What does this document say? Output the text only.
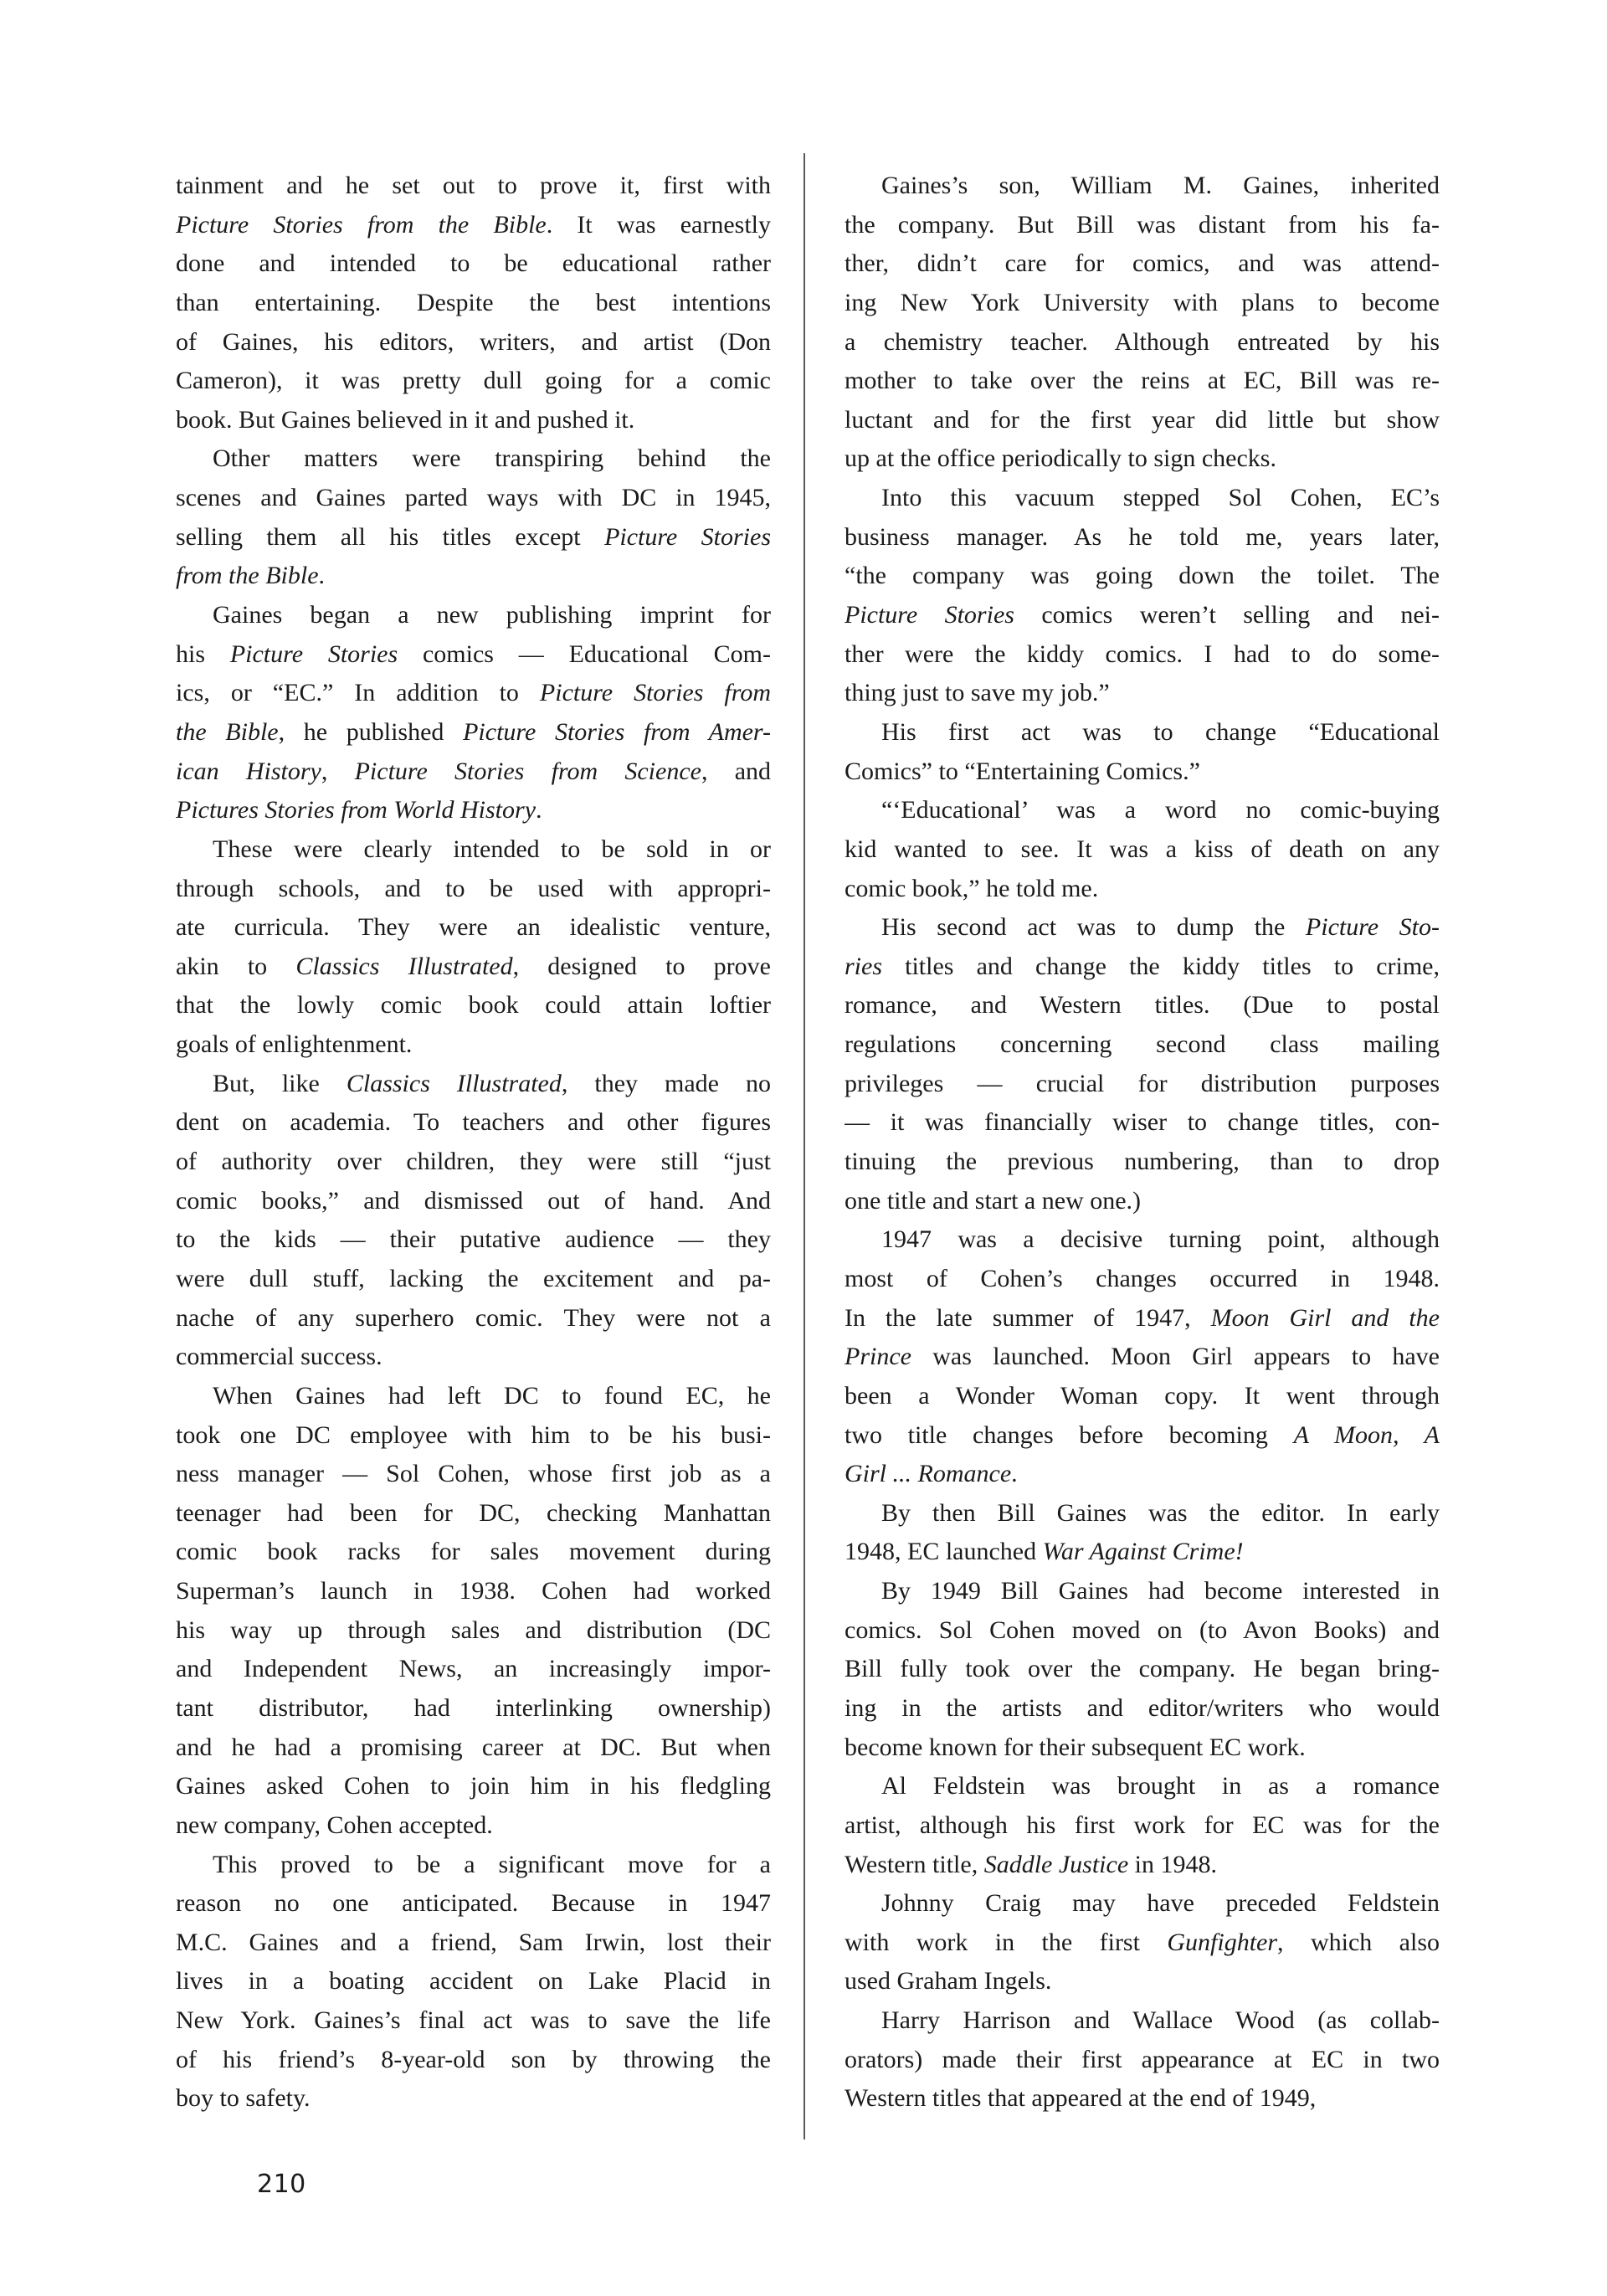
tainment and he set out to prove it, first with
Picture Stories from the Bible. It was earnestly
done and intended to be educational rather
than entertaining. Despite the best intentions
of Gaines, his editors, writers, and artist (Don
Cameron), it was pretty dull going for a comic
book. But Gaines believed in it and pushed it.
Other matters were transpiring behind the
scenes and Gaines parted ways with DC in 1945,
selling them all his titles except Picture Stories
from the Bible.
Gaines began a new publishing imprint for
his Picture Stories comics — Educational Com-
ics, or “EC.” In addition to Picture Stories from
the Bible, he published Picture Stories from Amer-
ican History, Picture Stories from Science, and
Pictures Stories from World History.
These were clearly intended to be sold in or
through schools, and to be used with appropri-
ate curricula. They were an idealistic venture,
akin to Classics Illustrated, designed to prove
that the lowly comic book could attain loftier
goals of enlightenment.
But, like Classics Illustrated, they made no
dent on academia. To teachers and other figures
of authority over children, they were still “just
comic books,” and dismissed out of hand. And
to the kids — their putative audience — they
were dull stuff, lacking the excitement and pa-
nache of any superhero comic. They were not a
commercial success.
When Gaines had left DC to found EC, he
took one DC employee with him to be his busi-
ness manager — Sol Cohen, whose first job as a
teenager had been for DC, checking Manhattan
comic book racks for sales movement during
Superman’s launch in 1938. Cohen had worked
his way up through sales and distribution (DC
and Independent News, an increasingly impor-
tant distributor, had interlinking ownership)
and he had a promising career at DC. But when
Gaines asked Cohen to join him in his fledgling
new company, Cohen accepted.
This proved to be a significant move for a
reason no one anticipated. Because in 1947
M.C. Gaines and a friend, Sam Irwin, lost their
lives in a boating accident on Lake Placid in
New York. Gaines’s final act was to save the life
of his friend’s 8-year-old son by throwing the
boy to safety.
Gaines’s son, William M. Gaines, inherited
the company. But Bill was distant from his fa-
ther, didn’t care for comics, and was attend-
ing New York University with plans to become
a chemistry teacher. Although entreated by his
mother to take over the reins at EC, Bill was re-
luctant and for the first year did little but show
up at the office periodically to sign checks.
Into this vacuum stepped Sol Cohen, EC’s
business manager. As he told me, years later,
“the company was going down the toilet. The
Picture Stories comics weren’t selling and nei-
ther were the kiddy comics. I had to do some-
thing just to save my job.”
His first act was to change “Educational
Comics” to “Entertaining Comics.”
“‘Educational’ was a word no comic-buying
kid wanted to see. It was a kiss of death on any
comic book,” he told me.
His second act was to dump the Picture Sto-
ries titles and change the kiddy titles to crime,
romance, and Western titles. (Due to postal
regulations concerning second class mailing
privileges — crucial for distribution purposes
— it was financially wiser to change titles, con-
tinuing the previous numbering, than to drop
one title and start a new one.)
1947 was a decisive turning point, although
most of Cohen’s changes occurred in 1948.
In the late summer of 1947, Moon Girl and the
Prince was launched. Moon Girl appears to have
been a Wonder Woman copy. It went through
two title changes before becoming A Moon, A
Girl ... Romance.
By then Bill Gaines was the editor. In early
1948, EC launched War Against Crime!
By 1949 Bill Gaines had become interested in
comics. Sol Cohen moved on (to Avon Books) and
Bill fully took over the company. He began bring-
ing in the artists and editor/writers who would
become known for their subsequent EC work.
Al Feldstein was brought in as a romance
artist, although his first work for EC was for the
Western title, Saddle Justice in 1948.
Johnny Craig may have preceded Feldstein
with work in the first Gunfighter, which also
used Graham Ingels.
Harry Harrison and Wallace Wood (as collab-
orators) made their first appearance at EC in two
Western titles that appeared at the end of 1949,
210
